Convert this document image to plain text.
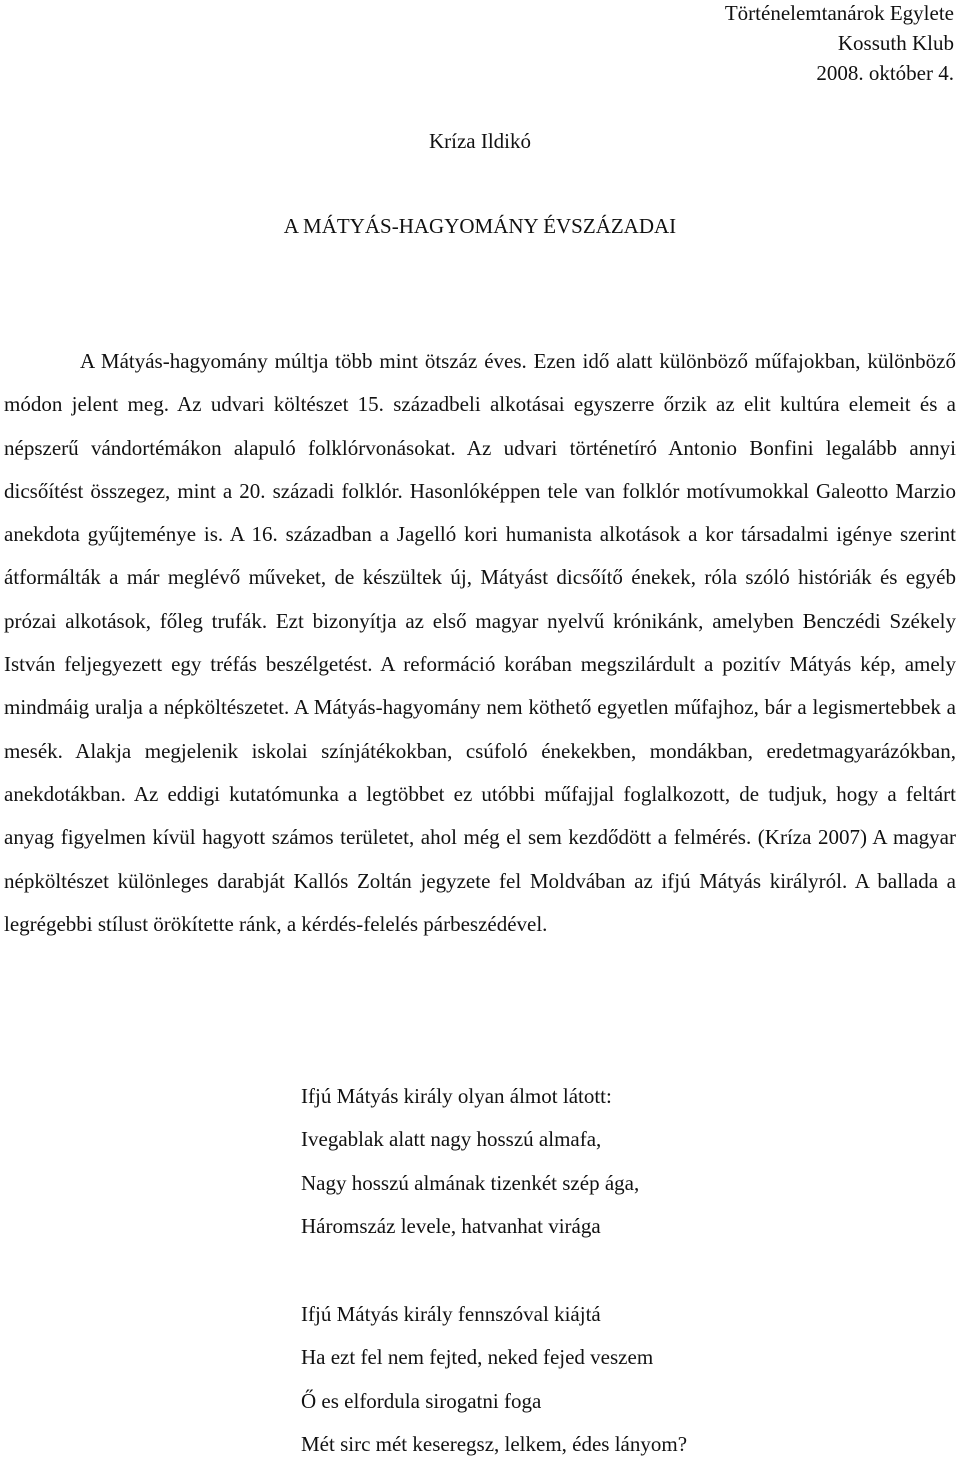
Történelemtanárok Egylete
Kossuth Klub
2008. október 4.
Kríza Ildikó
A MÁTYÁS-HAGYOMÁNY ÉVSZÁZADAI

A Mátyás-hagyomány múltja több mint ötszáz éves. Ezen idő alatt különböző műfajokban, különböző módon jelent meg. Az udvari költészet 15. századbeli alkotásai egyszerre őrzik az elit kultúra elemeit és a népszerű vándortémákon alapuló folklórvonásokat. Az udvari történetíró Antonio Bonfini legalább annyi dicsőítést összegez, mint a 20. századi folklór. Hasonlóképpen tele van folklór motívumokkal Galeotto Marzio anekdota gyűjteménye is. A 16. században a Jagelló kori humanista alkotások a kor társadalmi igénye szerint átformálták a már meglévő műveket, de készültek új, Mátyást dicsőítő énekek, róla szóló históriák és egyéb prózai alkotások, főleg trufák. Ezt bizonyítja az első magyar nyelvű krónikánk, amelyben Benczédi Székely István feljegyezett egy tréfás beszélgetést. A reformáció korában megszilárdult a pozitív Mátyás kép, amely mindmáig uralja a népköltészetet. A Mátyás-hagyomány nem köthető egyetlen műfajhoz, bár a legismertebbek a mesék. Alakja megjelenik iskolai színjátékokban, csúfoló énekekben, mondákban, eredetmagyarázókban, anekdotákban. Az eddigi kutatómunka a legtöbbet ez utóbbi műfajjal foglalkozott, de tudjuk, hogy a feltárt anyag figyelmen kívül hagyott számos területet, ahol még el sem kezdődött a felmérés. (Kríza 2007) A magyar népköltészet különleges darabját Kallós Zoltán jegyzete fel Moldvában az ifjú Mátyás királyról. A ballada a legrégebbi stílust örökítette ránk, a kérdés-felelés párbeszédével.

Ifjú Mátyás király olyan álmot látott:
Ivegablak alatt nagy hosszú almafa,
Nagy hosszú almának tizenkét szép ága,
Háromszáz levele, hatvanhat virága
Ifjú Mátyás király fennszóval kiájtá
Ha ezt fel nem fejted, neked fejed veszem
Ő es elfordula sirogatni foga
Mét sirc mét keseregsz, lelkem, édes lányom?
